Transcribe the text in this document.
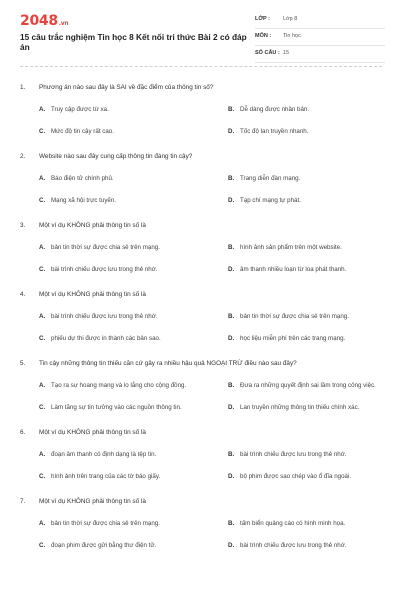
2048.vn
15 câu trắc nghiệm Tin học 8 Kết nối tri thức Bài 2 có đáp án
LỚP : Lớp 8
MÔN : Tin học
SỐ CÂU : 15
1.	Phương án nào sau đây là SAI về đặc điểm của thông tin số?
A. Truy cập được từ xa.	B. Dễ dàng được nhân bản.
C. Mức độ tin cậy rất cao.	D. Tốc độ lan truyền nhanh.
2.	Website nào sau đây cung cấp thông tin đáng tin cậy?
A. Báo điện tử chính phủ.	B. Trang diễn đàn mạng.
C. Mạng xã hội trực tuyến.	D. Tạp chí mạng tự phát.
3.	Một ví dụ KHÔNG phải thông tin số là
A. bản tin thời sự được chia sẻ trên mạng.	B. hình ảnh sản phẩm trên một website.
C. bài trình chiếu được lưu trong thẻ nhớ.	D. âm thanh nhiều loạn từ loa phát thanh.
4.	Một ví dụ KHÔNG phải thông tin số là
A. bài trình chiếu được lưu trong thẻ nhớ.	B. bản tin thời sự được chia sẻ trên mạng.
C. phiếu dự thi được in thành các bản sao.	D. học liệu miễn phí trên các trang mạng.
5.	Tin cậy những thông tin thiếu căn cứ gây ra nhiều hậu quả NGOẠI TRỪ điều nào sau đây?
A. Tạo ra sự hoang mang và lo lắng cho cộng đồng.	B. Đưa ra những quyết định sai lầm trong công việc.
C. Làm tăng sự tin tưởng vào các nguồn thông tin.	D. Lan truyền những thông tin thiếu chính xác.
6.	Một ví dụ KHÔNG phải thông tin số là
A. đoạn âm thanh có định dạng là tệp tin.	B. bài trình chiếu được lưu trong thẻ nhớ.
C. hình ảnh trên trang của các tờ báo giấy.	D. bộ phim được sao chép vào ổ đĩa ngoài.
7.	Một ví dụ KHÔNG phải thông tin số là
A. bản tin thời sự được chia sẻ trên mạng.	B. tấm biển quảng cáo có hình minh họa.
C. đoạn phim được gửi bằng thư điện tử.	D. bài trình chiếu được lưu trong thẻ nhớ.
